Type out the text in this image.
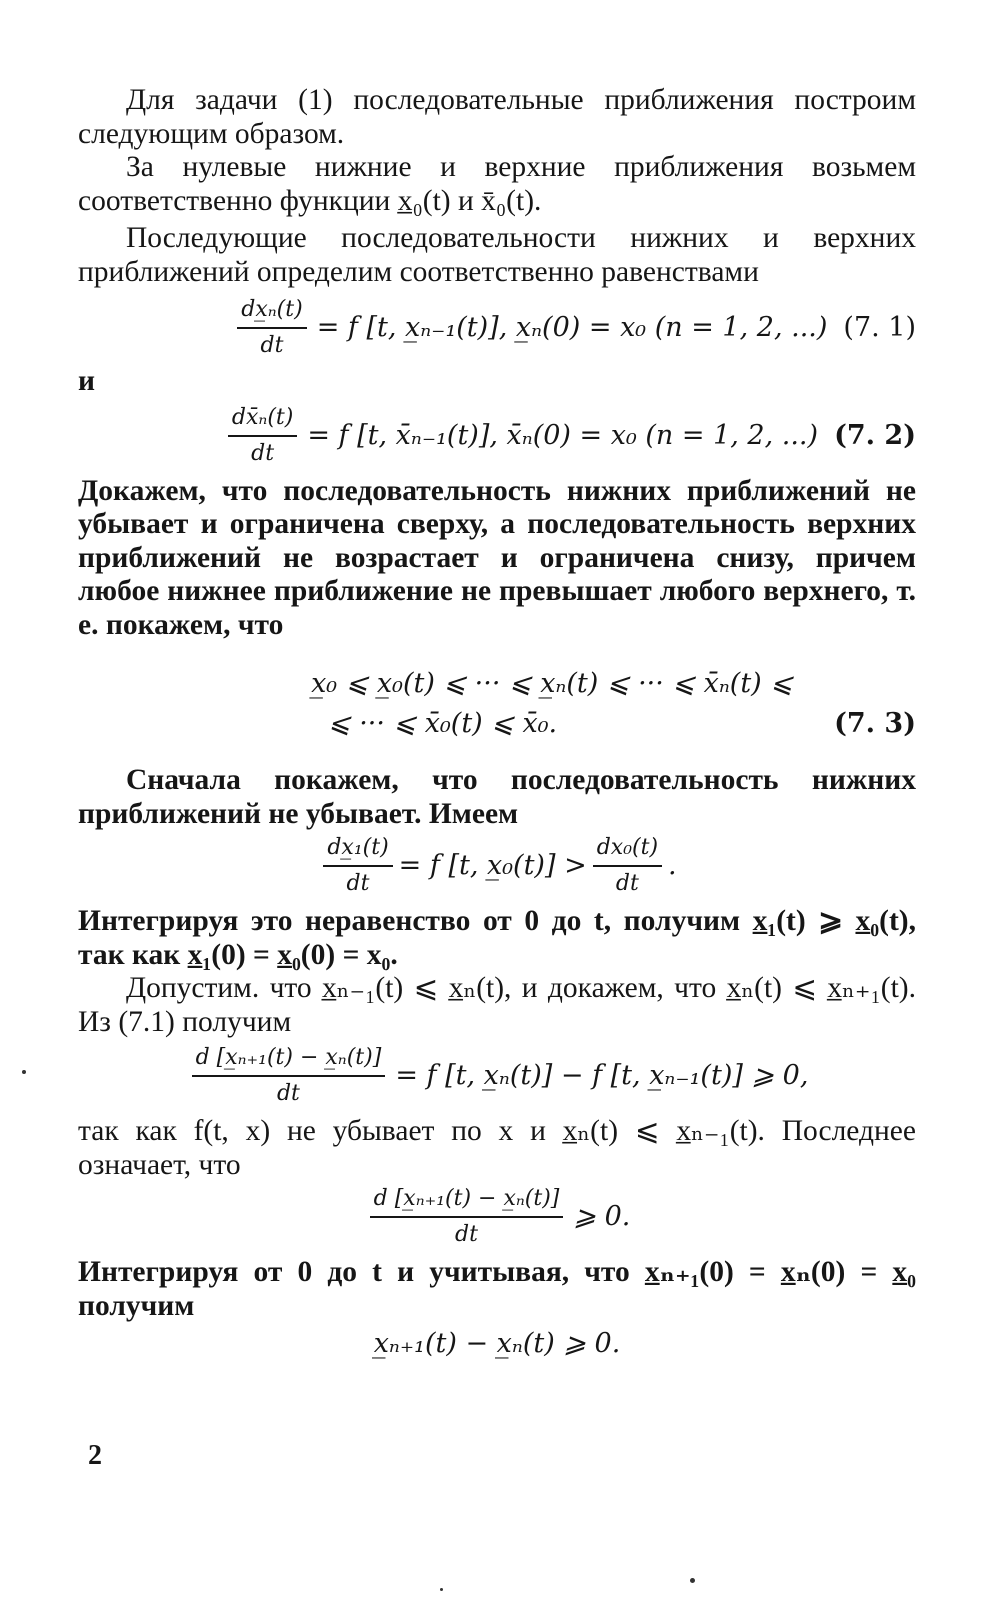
Для задачи (1) последовательные приближения построим следующим образом.

За нулевые нижние и верхние приближения возьмем соответственно функции x̲₀(t) и x̄₀(t).

Последующие последовательности нижних и верхних приближений определим соответственно равенствами

$\frac{\text{dx̲ₙ(t)}}{dt} = f$ [t, x̲ₙ₋₁(t)], x̲ₙ(0) = x₀ (n = 1, 2, ...) (7. 1)
и
$\frac{\text{dx̄ₙ(t)}}{dt} = f$ [t, x̄ₙ₋₁(t)], x̄ₙ(0) = x₀ (n = 1, 2, ...) (7. 2)

Докажем, что последовательность нижних приближений не убывает и ограничена сверху, а последовательность верхних приближений не возрастает и ограничена снизу, причем любое нижнее приближение не превышает любого верхнего, т. е. покажем, что

x̲₀ ⩽ x̲₀(t) ⩽ ··· ⩽ x̲ₙ(t) ⩽ ··· ⩽ x̄ₙ(t) ⩽
⩽ ··· ⩽ x̄₀(t) ⩽ x̄₀.	(7. 3)

Сначала покажем, что последовательность нижних приближений не убывает. Имеем

$\frac{\text{dx̲₁(t)}}{dt} = f$ [t, x̲₀(t)] > $\frac{\text{dx₀(t)}}{dt}$ .

Интегрируя это неравенство от 0 до t, получим x̲₁(t) ⩾ x̲₀(t), так как x̲₁(0) = x̲₀(0) = x₀.

Допустим. что x̲ₙ₋₁(t) ⩽ x̲ₙ(t), и докажем, что x̲ₙ(t) ⩽ x̲ₙ₊₁(t). Из (7.1) получим

$\frac{\text{d [x̲ₙ₊₁(t) − x̲ₙ(t)]}}{dt} = f$ [t, x̲ₙ(t)] − f [t, x̲ₙ₋₁(t)] ⩾ 0,

так как f(t, x) не убывает по x и x̲ₙ(t) ⩽ x̲ₙ₋₁(t). Последнее означает, что

$\frac{\text{d [x̲ₙ₊₁(t) − x̲ₙ(t)]}}{dt}$ ⩾ 0.

Интегрируя от 0 до t и учитывая, что x̲ₙ₊₁(0) = x̲ₙ(0) = x̲₀ получим

x̲ₙ₊₁(t) − x̲ₙ(t) ⩾ 0.
2
